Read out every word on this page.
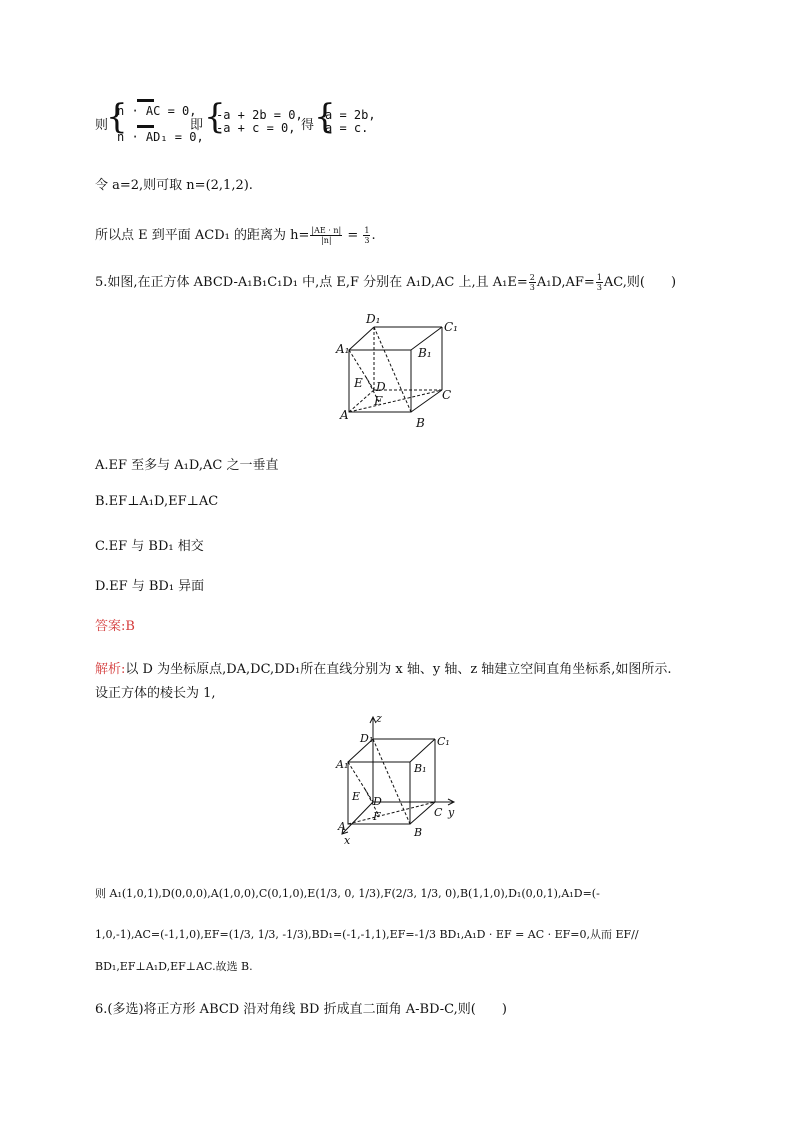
则
{
n · AC = 0,
n · AD₁ = 0,
即 {
-a + 2b = 0,
-a + c = 0, 得 {
a = 2b,
a = c.
令 a=2,则可取 n=(2,1,2).
所以点 E 到平面 ACD₁ 的距离为 $h= \frac{|AE \cdot n|}{|n|} = \frac{1}{3}$ .
5.如图,在正方体 ABCD-A₁B₁C₁D₁ 中,点 E,F 分别在 A₁D,AC 上,且 $A_1E= \frac{2}{3} A_1D,AF= \frac{1}{3}$ AC,则(　　)
D₁
C₁
A₁	B₁
E D
F	C
A
B
A.EF 至多与 A₁D,AC 之一垂直
B.EF⊥A₁D,EF⊥AC
C.EF 与 BD₁ 相交
D.EF 与 BD₁ 异面
答案:B
解析:以 D 为坐标原点,DA,DC,DD₁所在直线分别为 x 轴、y 轴、z 轴建立空间直角坐标系,如图所示.
设正方体的棱长为 1,
z
D₁	C₁
A₁	B₁
E D
F	C y
A	B
x
则 A₁(1,0,1),D(0,0,0),A(1,0,0),C(0,1,0),E(1/3, 0, 1/3),F(2/3, 1/3, 0),B(1,1,0),D₁(0,0,1),A₁D=(-
1,0,-1),AC=(-1,1,0),EF=(1/3, 1/3, -1/3),BD₁=(-1,-1,1),EF=-1/3 BD₁,A₁D · EF = AC · EF=0,从而 EF//
BD₁,EF⊥A₁D,EF⊥AC.故选 B.
6.(多选)将正方形 ABCD 沿对角线 BD 折成直二面角 A-BD-C,则(　　)
